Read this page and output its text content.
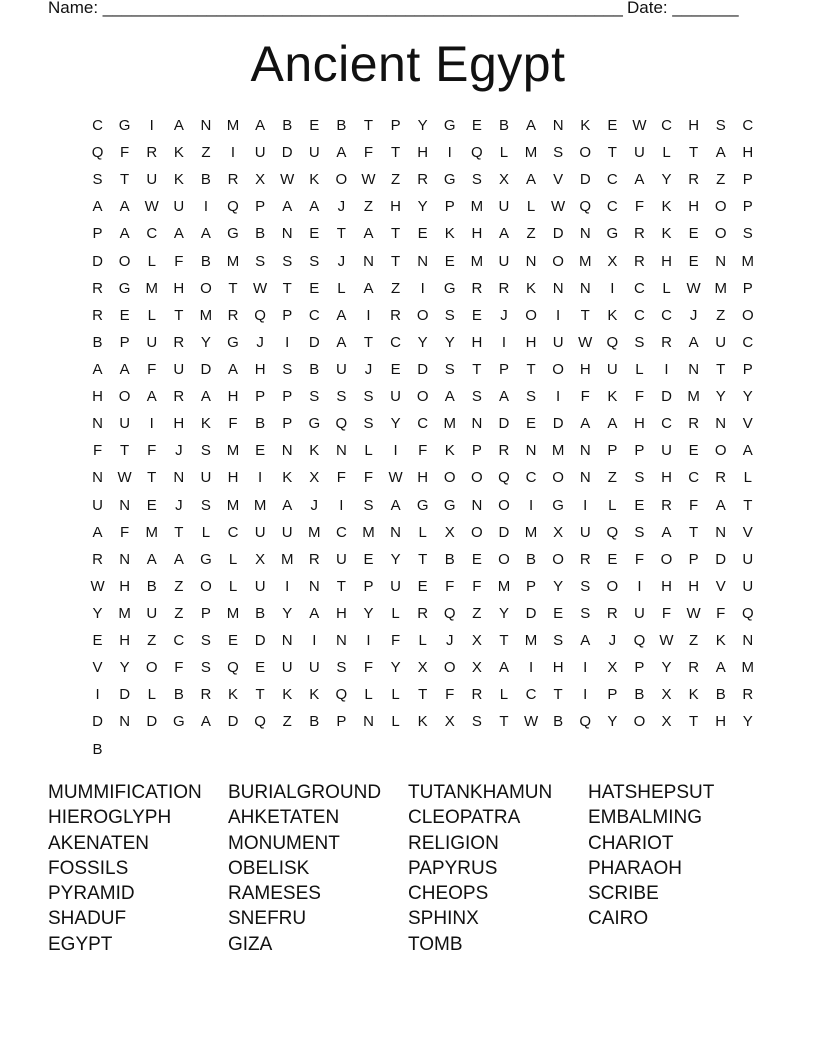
Name: _______________________________________________________ Date: _______
Ancient Egypt
C	G	I	A	N	M	A	B	E	B	T	P	Y	G	E	B	A	N	K	E	W C	H	S	C
Q	F	R	K	Z	I	U	D	U	A	F	T	H	I	Q	L	M	S	O	T	U	L	T	A	H
S	T	U	K	B	R	X	W	K	O W	Z	R	G	S	X	A	V	D	C	A	Y	R	Z	P
A	A	W U	I	Q	P	A	A	J	Z	H	Y	P	M	U	L	W Q	C	F	K	H	O	P
P	A	C	A	A	G	B	N	E	T	A	T	E	K	H	A	Z	D	N	G	R	K	E	O	S
D	O	L	F	B	M	S	S	S	J	N	T	N	E	M	U	N	O	M	X	R	H	E	N	M
R	G	M	H	O	T	W	T	E	L	A	Z	I	G	R	R	K	N	N	I	C	L	W M	P
R	E	L	T	M	R	Q	P	C	A	I	R	O	S	E	J	O	I	T	K	C	C	J	Z	O
B	P	U	R	Y	G	J	I	D	A	T	C	Y	Y	H	I	H	U W Q	S	R	A	U	C
A	A	F	U	D	A	H	S	B	U	J	E	D	S	T	P	T	O	H	U	L	I	N	T	P
H	O	A	R	A	H	P	P	S	S	S	U	O	A	S	A	S	I	F	K	F	D	M	Y	Y
N	U	I	H	K	F	B	P	G	Q	S	Y	C	M	N	D	E	D	A	A	H	C	R	N	V
F	T	F	J	S	M	E	N	K	N	L	I	F	K	P	R	N	M	N	P	P	U	E	O	A
N W	T	N	U	H	I	K	X	F	F	W H	O	O	Q	C	O	N	Z	S	H	C	R	L
U	N	E	J	S	M M	A	J	I	S	A	G	G	N	O	I	G	I	L	E	R	F	A	T
A	F	M	T	L	C	U	U	M	C	M	N	L	X	O	D	M	X	U	Q	S	A	T	N	V
R	N	A	A	G	L	X	M	R	U	E	Y	T	B	E	O	B	O	R	E	F	O	P	D	U
W H	B	Z	O	L	U	I	N	T	P	U	E	F	F	M	P	Y	S	O	I	H	H	V	U
Y	M	U	Z	P	M	B	Y	A	H	Y	L	R	Q	Z	Y	D	E	S	R	U	F	W	F	Q
E	H	Z	C	S	E	D	N	I	N	I	F	L	J	X	T	M	S	A	J	Q W	Z	K	N
V	Y	O	F	S	Q	E	U	U	S	F	Y	X	O	X	A	I	H	I	X	P	Y	R	A	M
I	D	L	B	R	K	T	K	K	Q	L	L	T	F	R	L	C	T	I	P	B	X	K	B	R
D	N	D	G	A	D	Q	Z	B	P	N	L	K	X	S	T	W	B	Q	Y	O	X	T	H	Y
B
MUMMIFICATION	BURIALGROUND	TUTANKHAMUN	HATSHEPSUT
HIEROGLYPH	AHKETATEN	CLEOPATRA	EMBALMING
AKENATEN	MONUMENT	RELIGION	CHARIOT
FOSSILS	OBELISK	PAPYRUS	PHARAOH
PYRAMID	RAMESES	CHEOPS	SCRIBE
SHADUF	SNEFRU	SPHINX	CAIRO
EGYPT	GIZA	TOMB
